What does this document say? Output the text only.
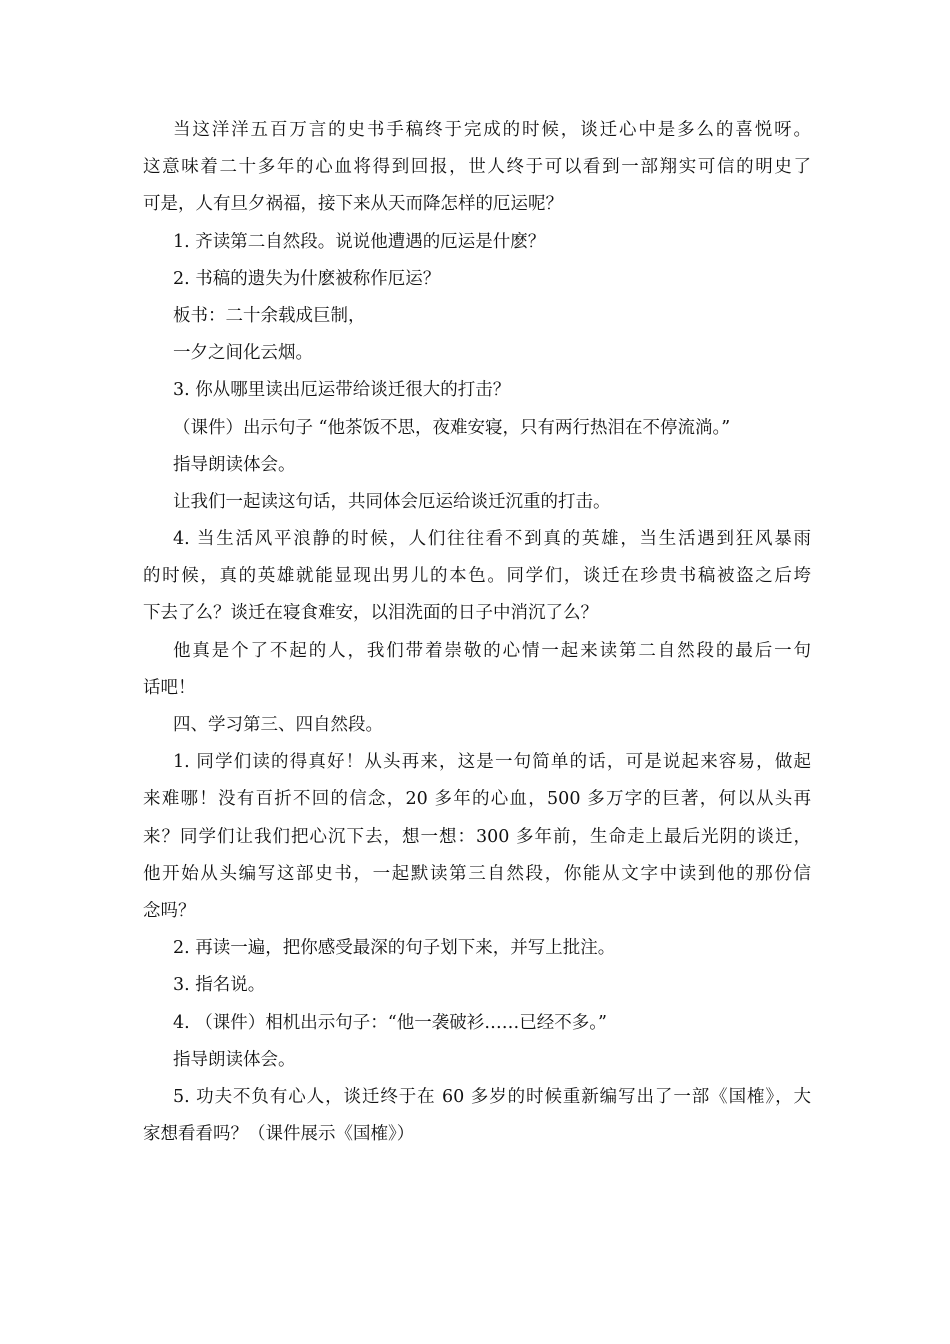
当这洋洋五百万言的史书手稿终于完成的时候，谈迁心中是多么的喜悦呀。
这意味着二十多年的心血将得到回报，世人终于可以看到一部翔实可信的明史了
可是，人有旦夕祸福，接下来从天而降怎样的厄运呢？
1. 齐读第二自然段。说说他遭遇的厄运是什麽？
2. 书稿的遗失为什麽被称作厄运？
板书：二十余载成巨制，
一夕之间化云烟。
3. 你从哪里读出厄运带给谈迁很大的打击？
（课件）出示句子 “他茶饭不思，夜难安寝，只有两行热泪在不停流淌。”
指导朗读体会。
让我们一起读这句话，共同体会厄运给谈迁沉重的打击。
4. 当生活风平浪静的时候，人们往往看不到真的英雄，当生活遇到狂风暴雨
的时候，真的英雄就能显现出男儿的本色。同学们，谈迁在珍贵书稿被盗之后垮
下去了么？谈迁在寝食难安，以泪洗面的日子中消沉了么？
他真是个了不起的人，我们带着崇敬的心情一起来读第二自然段的最后一句
话吧！
四、学习第三、四自然段。
1. 同学们读的得真好！从头再来，这是一句简单的话，可是说起来容易，做起
来难哪！没有百折不回的信念，20 多年的心血，500 多万字的巨著，何以从头再
来？同学们让我们把心沉下去，想一想：300 多年前，生命走上最后光阴的谈迁，
他开始从头编写这部史书，一起默读第三自然段，你能从文字中读到他的那份信
念吗？
2. 再读一遍，把你感受最深的句子划下来，并写上批注。
3. 指名说。
4. （课件）相机出示句子：“他一袭破衫……已经不多。”
指导朗读体会。
5. 功夫不负有心人，谈迁终于在 60 多岁的时候重新编写出了一部《国榷》，大
家想看看吗？（课件展示《国榷》）
